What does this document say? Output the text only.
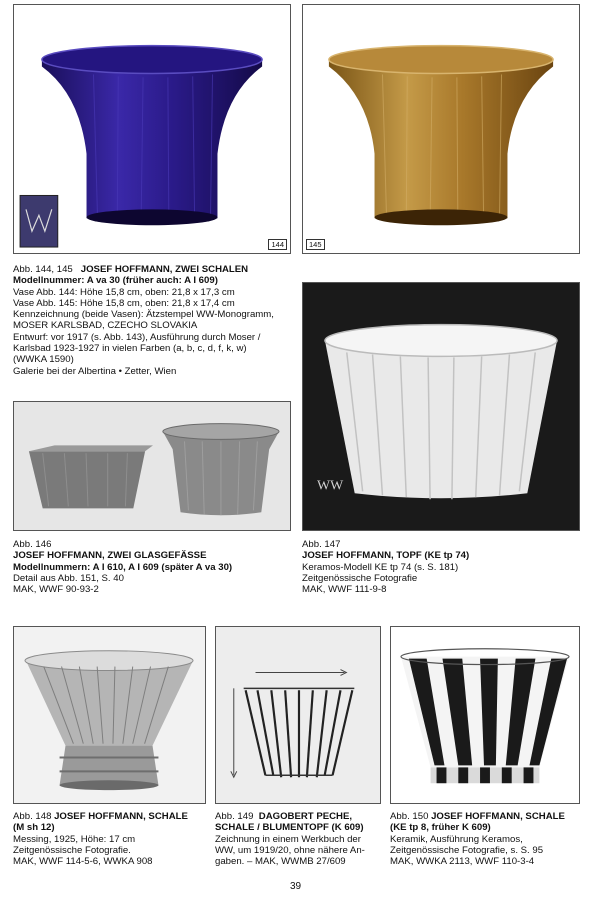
144	145
Abb. 144, 145 JOSEF HOFFMANN, ZWEI SCHALEN
Modellnummer: A va 30 (früher auch: A I 609)
Vase Abb. 144: Höhe 15,8 cm, oben: 21,8 x 17,3 cm
Vase Abb. 145: Höhe 15,8 cm, oben: 21,8 x 17,4 cm
Kennzeichnung (beide Vasen): Ätzstempel WW-Monogramm,
MOSER KARLSBAD, CZECHO SLOVAKIA
Entwurf: vor 1917 (s. Abb. 143), Ausführung durch Moser /
Karlsbad 1923-1927 in vielen Farben (a, b, c, d, f, k, w)
(WWKA 1590)
Galerie bei der Albertina • Zetter, Wien
WW
Abb. 146
JOSEF HOFFMANN, ZWEI GLASGEFÄSSE
Modellnummern: A I 610, A I 609 (später A va 30)
Detail aus Abb. 151, S. 40
MAK, WWF 90-93-2
Abb. 147
JOSEF HOFFMANN, TOPF (KE tp 74)
Keramos-Modell KE tp 74 (s. S. 181)
Zeitgenössische Fotografie
MAK, WWF 111-9-8
Abb. 148 JOSEF HOFFMANN, SCHALE
(M sh 12)
Messing, 1925, Höhe: 17 cm
Zeitgenössische Fotografie.
MAK, WWF 114-5-6, WWKA 908
Abb. 149 DAGOBERT PECHE,
SCHALE / BLUMENTOPF (K 609)
Zeichnung in einem Werkbuch der
WW, um 1919/20, ohne nähere An-
gaben. – MAK, WWMB 27/609
Abb. 150 JOSEF HOFFMANN, SCHALE
(KE tp 8, früher K 609)
Keramik, Ausführung Keramos,
Zeitgenössische Fotografie, s. S. 95
MAK, WWKA 2113, WWF 110-3-4
39
